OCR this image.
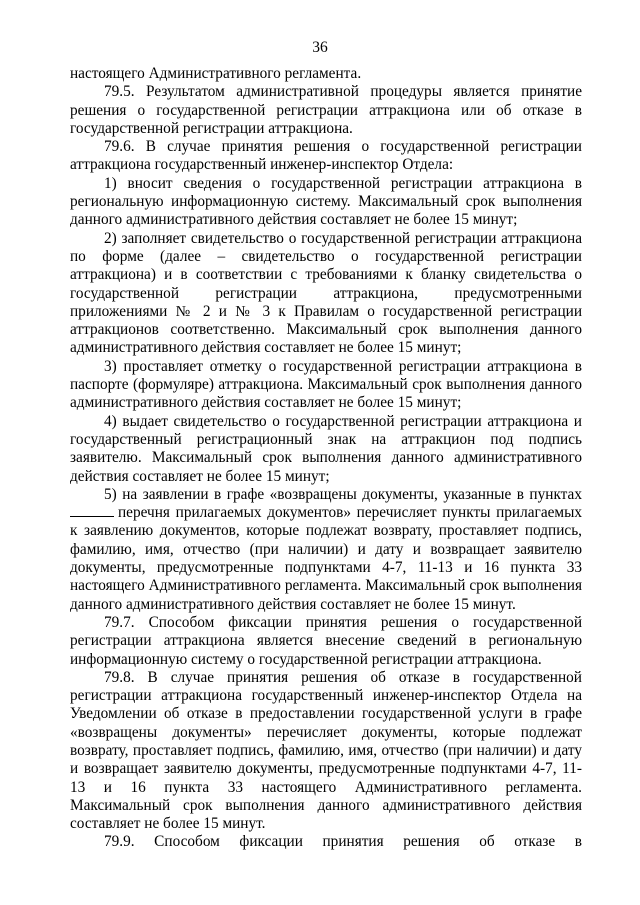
36

настоящего Административного регламента.

79.5. Результатом административной процедуры является принятие решения о государственной регистрации аттракциона или об отказе в государственной регистрации аттракциона.

79.6. В случае принятия решения о государственной регистрации аттракциона государственный инженер-инспектор Отдела:

1) вносит сведения о государственной регистрации аттракциона в региональную информационную систему. Максимальный срок выполнения данного административного действия составляет не более 15 минут;

2) заполняет свидетельство о государственной регистрации аттракциона по форме (далее – свидетельство о государственной регистрации аттракциона) и в соответствии с требованиями к бланку свидетельства о государственной регистрации аттракциона, предусмотренными приложениями № 2 и № 3 к Правилам о государственной регистрации аттракционов соответственно. Максимальный срок выполнения данного административного действия составляет не более 15 минут;

3) проставляет отметку о государственной регистрации аттракциона в паспорте (формуляре) аттракциона. Максимальный срок выполнения данного административного действия составляет не более 15 минут;

4) выдает свидетельство о государственной регистрации аттракциона и государственный регистрационный знак на аттракцион под подпись заявителю. Максимальный срок выполнения данного административного действия составляет не более 15 минут;

5) на заявлении в графе «возвращены документы, указанные в пунктах

перечня прилагаемых документов» перечисляет пункты прилагаемых к заявлению документов, которые подлежат возврату, проставляет подпись, фамилию, имя, отчество (при наличии) и дату и возвращает заявителю документы, предусмотренные подпунктами 4-7, 11-13 и 16 пункта 33 настоящего Административного регламента. Максимальный срок выполнения данного административного действия составляет не более 15 минут.

79.7. Способом фиксации принятия решения о государственной регистрации аттракциона является внесение сведений в региональную информационную систему о государственной регистрации аттракциона.

79.8. В случае принятия решения об отказе в государственной регистрации аттракциона государственный инженер-инспектор Отдела на Уведомлении об отказе в предоставлении государственной услуги в графе «возвращены документы» перечисляет документы, которые подлежат возврату, проставляет подпись, фамилию, имя, отчество (при наличии) и дату и возвращает заявителю документы, предусмотренные подпунктами 4-7, 11-13 и 16 пункта 33 настоящего Административного регламента. Максимальный срок выполнения данного административного действия составляет не более 15 минут.

79.9. Способом фиксации принятия решения об отказе в
